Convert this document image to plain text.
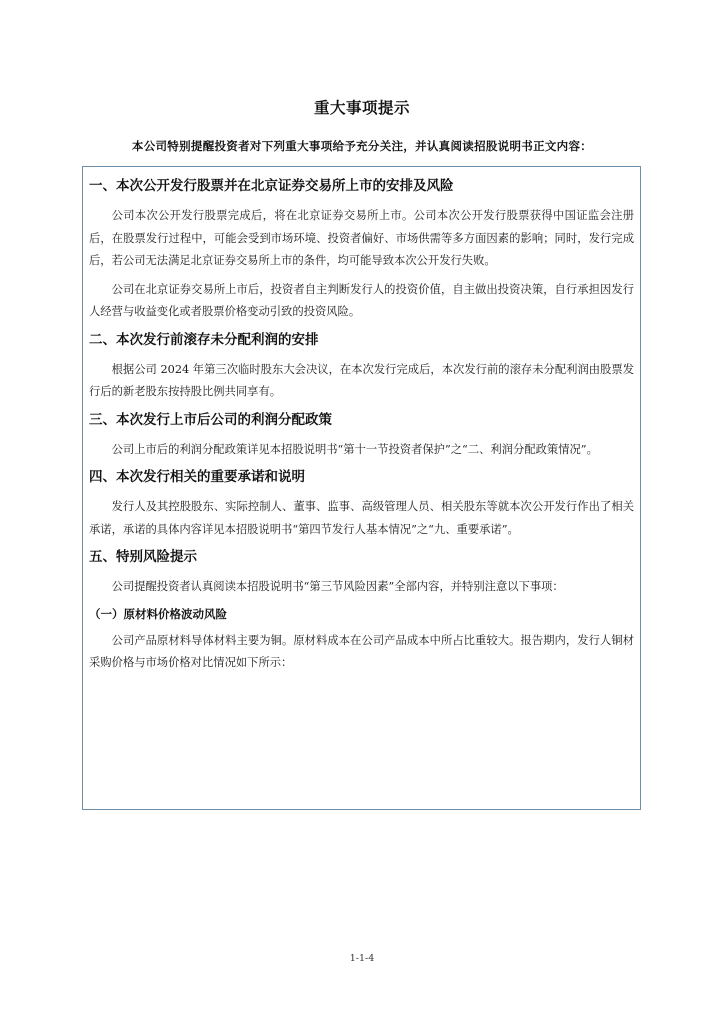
重大事项提示
本公司特别提醒投资者对下列重大事项给予充分关注，并认真阅读招股说明书正文内容：
一、本次公开发行股票并在北京证券交易所上市的安排及风险

公司本次公开发行股票完成后，将在北京证券交易所上市。公司本次公开发行股票获得中国证监会注册后，在股票发行过程中，可能会受到市场环境、投资者偏好、市场供需等多方面因素的影响；同时，发行完成后，若公司无法满足北京证券交易所上市的条件，均可能导致本次公开发行失败。

公司在北京证券交易所上市后，投资者自主判断发行人的投资价值，自主做出投资决策，自行承担因发行人经营与收益变化或者股票价格变动引致的投资风险。

二、本次发行前滚存未分配利润的安排

根据公司 2024 年第三次临时股东大会决议，在本次发行完成后，本次发行前的滚存未分配利润由股票发行后的新老股东按持股比例共同享有。

三、本次发行上市后公司的利润分配政策

公司上市后的利润分配政策详见本招股说明书“第十一节投资者保护”之“二、利润分配政策情况”。

四、本次发行相关的重要承诺和说明

发行人及其控股股东、实际控制人、董事、监事、高级管理人员、相关股东等就本次公开发行作出了相关承诺，承诺的具体内容详见本招股说明书“第四节发行人基本情况”之“九、重要承诺”。

五、特别风险提示

公司提醒投资者认真阅读本招股说明书“第三节风险因素”全部内容，并特别注意以下事项：

（一）原材料价格波动风险

公司产品原材料导体材料主要为铜。原材料成本在公司产品成本中所占比重较大。报告期内，发行人铜材采购价格与市场价格对比情况如下所示：

1-1-4
